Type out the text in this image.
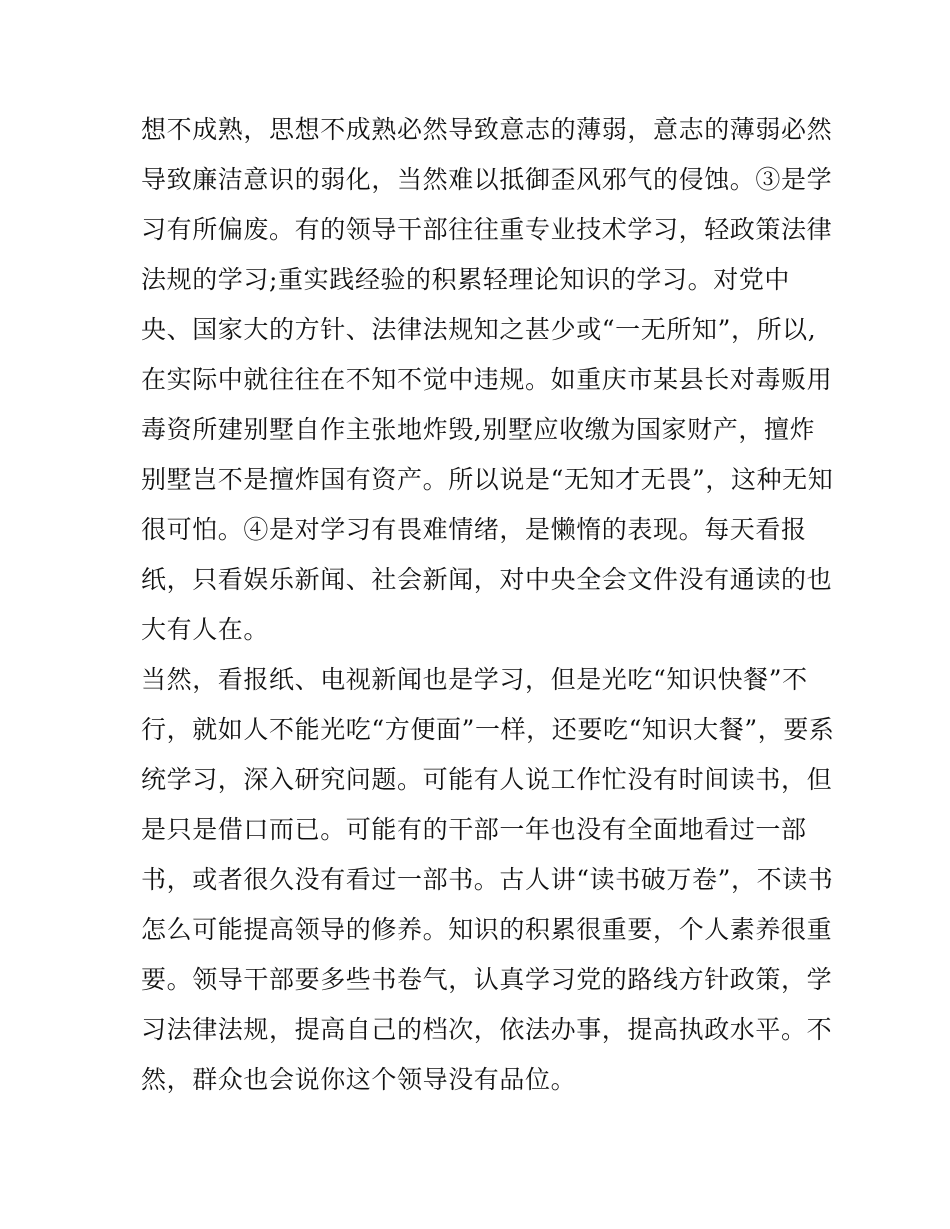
想不成熟，思想不成熟必然导致意志的薄弱，意志的薄弱必然
导致廉洁意识的弱化，当然难以抵御歪风邪气的侵蚀。③是学
习有所偏废。有的领导干部往往重专业技术学习，轻政策法律
法规的学习;重实践经验的积累轻理论知识的学习。对党中
央、国家大的方针、法律法规知之甚少或“一无所知”，所以,
在实际中就往往在不知不觉中违规。如重庆市某县长对毒贩用
毒资所建别墅自作主张地炸毁,别墅应收缴为国家财产，擅炸
别墅岂不是擅炸国有资产。所以说是“无知才无畏”，这种无知
很可怕。④是对学习有畏难情绪，是懒惰的表现。每天看报
纸，只看娱乐新闻、社会新闻，对中央全会文件没有通读的也
大有人在。
当然，看报纸、电视新闻也是学习，但是光吃“知识快餐”不
行，就如人不能光吃“方便面”一样，还要吃“知识大餐”，要系
统学习，深入研究问题。可能有人说工作忙没有时间读书，但
是只是借口而已。可能有的干部一年也没有全面地看过一部
书，或者很久没有看过一部书。古人讲“读书破万卷”，不读书
怎么可能提高领导的修养。知识的积累很重要，个人素养很重
要。领导干部要多些书卷气，认真学习党的路线方针政策，学
习法律法规，提高自己的档次，依法办事，提高执政水平。不
然，群众也会说你这个领导没有品位。
